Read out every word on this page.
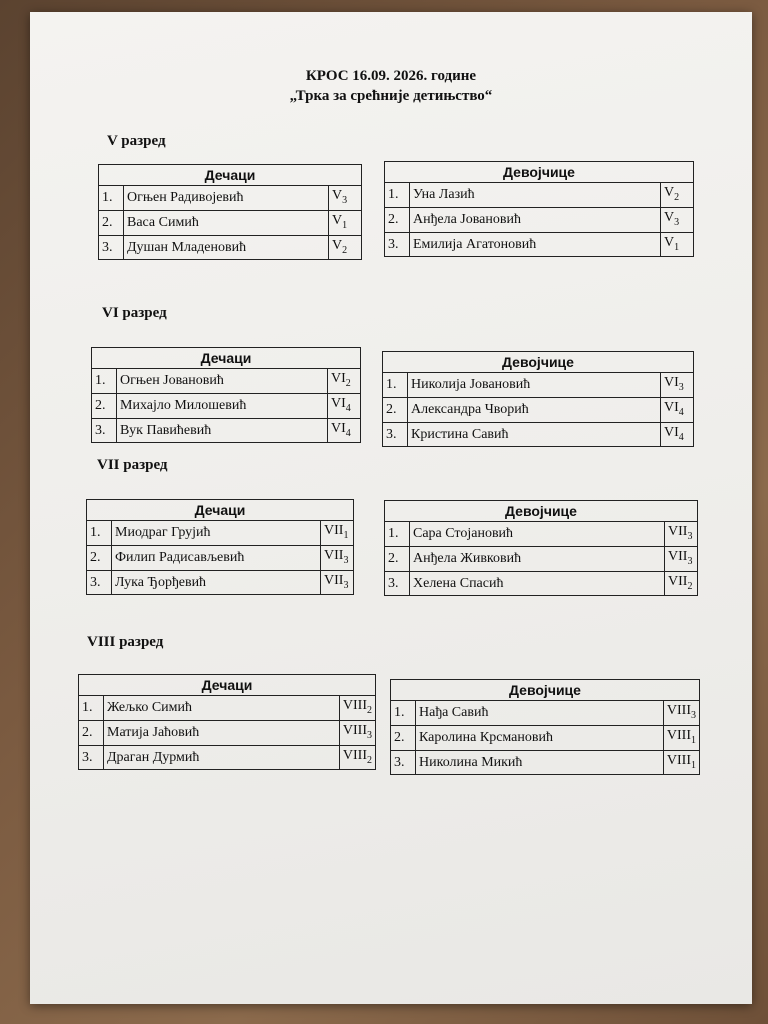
КРОС 16.09. 2026. године
„Трка за срећније детињство“
V разред
Дечаци		
1.	Огњен Радивојевић	$V_3$
2.	Васа Симић	$V_1$
3.	Душан Младеновић	$V_2$
Девојчице		
1.	Уна Лазић	$V_2$
2.	Анђела Јовановић	$V_3$
3.	Емилија Агатоновић	$V_1$
VI разред
Дечаци		
1.	Огњен Јовановић	$VI_2$
2.	Михајло Милошевић	$VI_4$
3.	Вук Павићевић	$VI_4$
Девојчице		
1.	Николија Јовановић	$VI_3$
2.	Александра Чворић	$VI_4$
3.	Кристина Савић	$VI_4$
VII разред
Дечаци		
1.	Миодраг Грујић	$VII_1$
2.	Филип Радисављевић	$VII_3$
3.	Лука Ђорђевић	$VII_3$
Девојчице		
1.	Сара Стојановић	$VII_3$
2.	Анђела Живковић	$VII_3$
3.	Хелена Спасић	$VII_2$
VIII разред
Дечаци		
1.	Жељко Симић	$VIII_2$
2.	Матија Јаћовић	$VIII_3$
3.	Драган Дурмић	$VIII_2$
Девојчице		
1.	Нађа Савић	$VIII_3$
2.	Каролина Крсмановић	$VIII_1$
3.	Николина Микић	$VIII_1$
